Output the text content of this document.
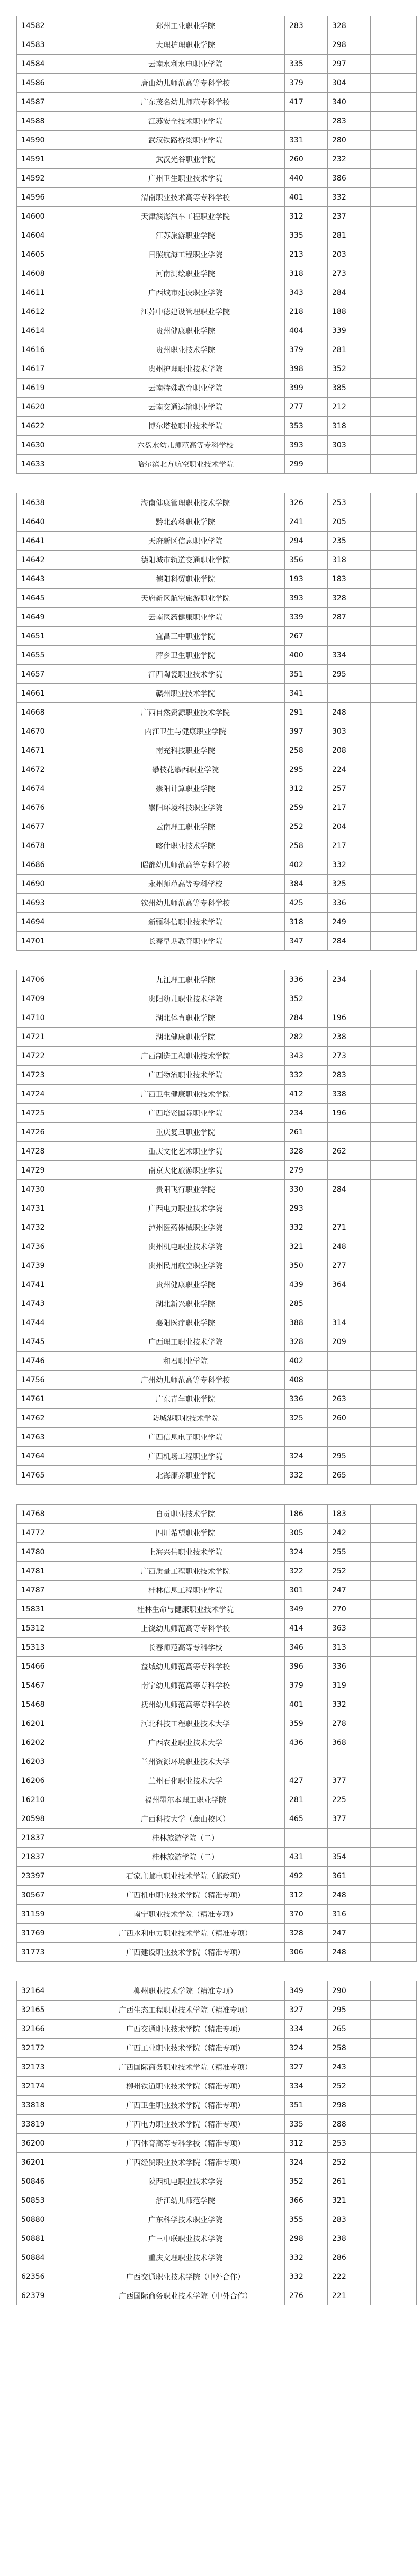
14582	郑州工业职业学院	283	328	
14583	大理护理职业学院		298	
14584	云南水利水电职业学院	335	297	
14586	唐山幼儿师范高等专科学校	379	304	
14587	广东茂名幼儿师范专科学校	417	340	
14588	江苏安全技术职业学院		283	
14590	武汉铁路桥梁职业学院	331	280	
14591	武汉光谷职业学院	260	232	
14592	广州卫生职业技术学院	440	386	
14596	渭南职业技术高等专科学校	401	332	
14600	天津滨海汽车工程职业学院	312	237	
14604	江苏旅游职业学院	335	281	
14605	日照航海工程职业学院	213	203	
14608	河南测绘职业学院	318	273	
14611	广西城市建设职业学院	343	284	
14612	江苏中德建设管理职业学院	218	188	
14614	贵州健康职业学院	404	339	
14616	贵州职业技术学院	379	281	
14617	贵州护理职业技术学院	398	352	
14619	云南特殊教育职业学院	399	385	
14620	云南交通运输职业学院	277	212	
14622	博尔塔拉职业技术学院	353	318	
14630	六盘水幼儿师范高等专科学校	393	303	
14633	哈尔滨北方航空职业技术学院	299		
14638	海南健康管理职业技术学院	326	253	
14640	黔北药科职业学院	241	205	
14641	天府新区信息职业学院	294	235	
14642	德阳城市轨道交通职业学院	356	318	
14643	德阳科贸职业学院	193	183	
14645	天府新区航空旅游职业学院	393	328	
14649	云南医药健康职业学院	339	287	
14651	宜昌三中职业学院	267		
14655	萍乡卫生职业学院	400	334	
14657	江西陶瓷职业技术学院	351	295	
14661	赣州职业技术学院	341		
14668	广西自然资源职业技术学院	291	248	
14670	内江卫生与健康职业学院	397	303	
14671	南充科技职业学院	258	208	
14672	攀枝花攀西职业学院	295	224	
14674	崇阳计算职业学院	312	257	
14676	崇阳环境科技职业学院	259	217	
14677	云南理工职业学院	252	204	
14678	喀什职业技术学院	258	217	
14686	昭都幼儿师范高等专科学校	402	332	
14690	永州师范高等专科学校	384	325	
14693	钦州幼儿师范高等专科学校	425	336	
14694	新疆科信职业技术学院	318	249	
14701	长春早期教育职业学院	347	284	
14706	九江理工职业学院	336	234	
14709	贵阳幼儿职业技术学院	352		
14710	湖北体育职业学院	284	196	
14721	湖北健康职业学院	282	238	
14722	广西制造工程职业技术学院	343	273	
14723	广西物流职业技术学院	332	283	
14724	广西卫生健康职业技术学院	412	338	
14725	广西培贤国际职业学院	234	196	
14726	重庆复旦职业学院	261		
14728	重庆文化艺术职业学院	328	262	
14729	南京大化旅游职业学院	279		
14730	贵阳飞行职业学院	330	284	
14731	广西电力职业技术学院	293		
14732	泸州医药器械职业学院	332	271	
14736	贵州机电职业技术学院	321	248	
14739	贵州民用航空职业学院	350	277	
14741	贵州健康职业学院	439	364	
14743	湖北新兴职业学院	285		
14744	襄阳医疗职业学院	388	314	
14745	广西理工职业技术学院	328	209	
14746	和君职业学院	402		
14756	广州幼儿师范高等专科学校	408		
14761	广东青年职业学院	336	263	
14762	防城港职业技术学院	325	260	
14763	广西信息电子职业学院			
14764	广西机场工程职业学院	324	295	
14765	北海康养职业学院	332	265	
14768	自贡职业技术学院	186	183	
14772	四川希望职业学院	305	242	
14780	上海兴伟职业技术学院	324	255	
14781	广西质量工程职业技术学院	322	252	
14787	桂林信息工程职业学院	301	247	
15831	桂林生命与健康职业技术学院	349	270	
15312	上饶幼儿师范高等专科学校	414	363	
15313	长春师范高等专科学校	346	313	
15466	益城幼儿师范高等专科学校	396	336	
15467	南宁幼儿师范高等专科学校	379	319	
15468	抚州幼儿师范高等专科学校	401	332	
16201	河北科技工程职业技术大学	359	278	
16202	广西农业职业技术大学	436	368	
16203	兰州资源环境职业技术大学			
16206	兰州石化职业技术大学	427	377	
16210	福州墨尔本理工职业学院	281	225	
20598	广西科技大学（鹿山校区）	465	377	
21837	桂林旅游学院（二）			
21837	桂林旅游学院（二）	431	354	
23397	石家庄邮电职业技术学院（邮政班）	492	361	
30567	广西机电职业技术学院（精准专项）	312	248	
31159	南宁职业技术学院（精准专项）	370	316	
31769	广西水利电力职业技术学院（精准专项）	328	247	
31773	广西建设职业技术学院（精准专项）	306	248	
32164	柳州职业技术学院（精准专项）	349	290	
32165	广西生态工程职业技术学院（精准专项）	327	295	
32166	广西交通职业技术学院（精准专项）	334	265	
32172	广西工业职业技术学院（精准专项）	324	258	
32173	广西国际商务职业技术学院（精准专项）	327	243	
32174	柳州铁道职业技术学院（精准专项）	334	252	
33818	广西卫生职业技术学院（精准专项）	351	298	
33819	广西电力职业技术学院（精准专项）	335	288	
36200	广西体育高等专科学校（精准专项）	312	253	
36201	广西经贸职业技术学院（精准专项）	324	252	
50846	陕西机电职业技术学院	352	261	
50853	浙江幼儿师范学院	366	321	
50880	广东科学技术职业学院	355	283	
50881	广三中联职业技术学院	298	238	
50884	重庆文理职业技术学院	332	286	
62356	广西交通职业技术学院（中外合作）	332	222	
62379	广西国际商务职业技术学院（中外合作）	276	221	
